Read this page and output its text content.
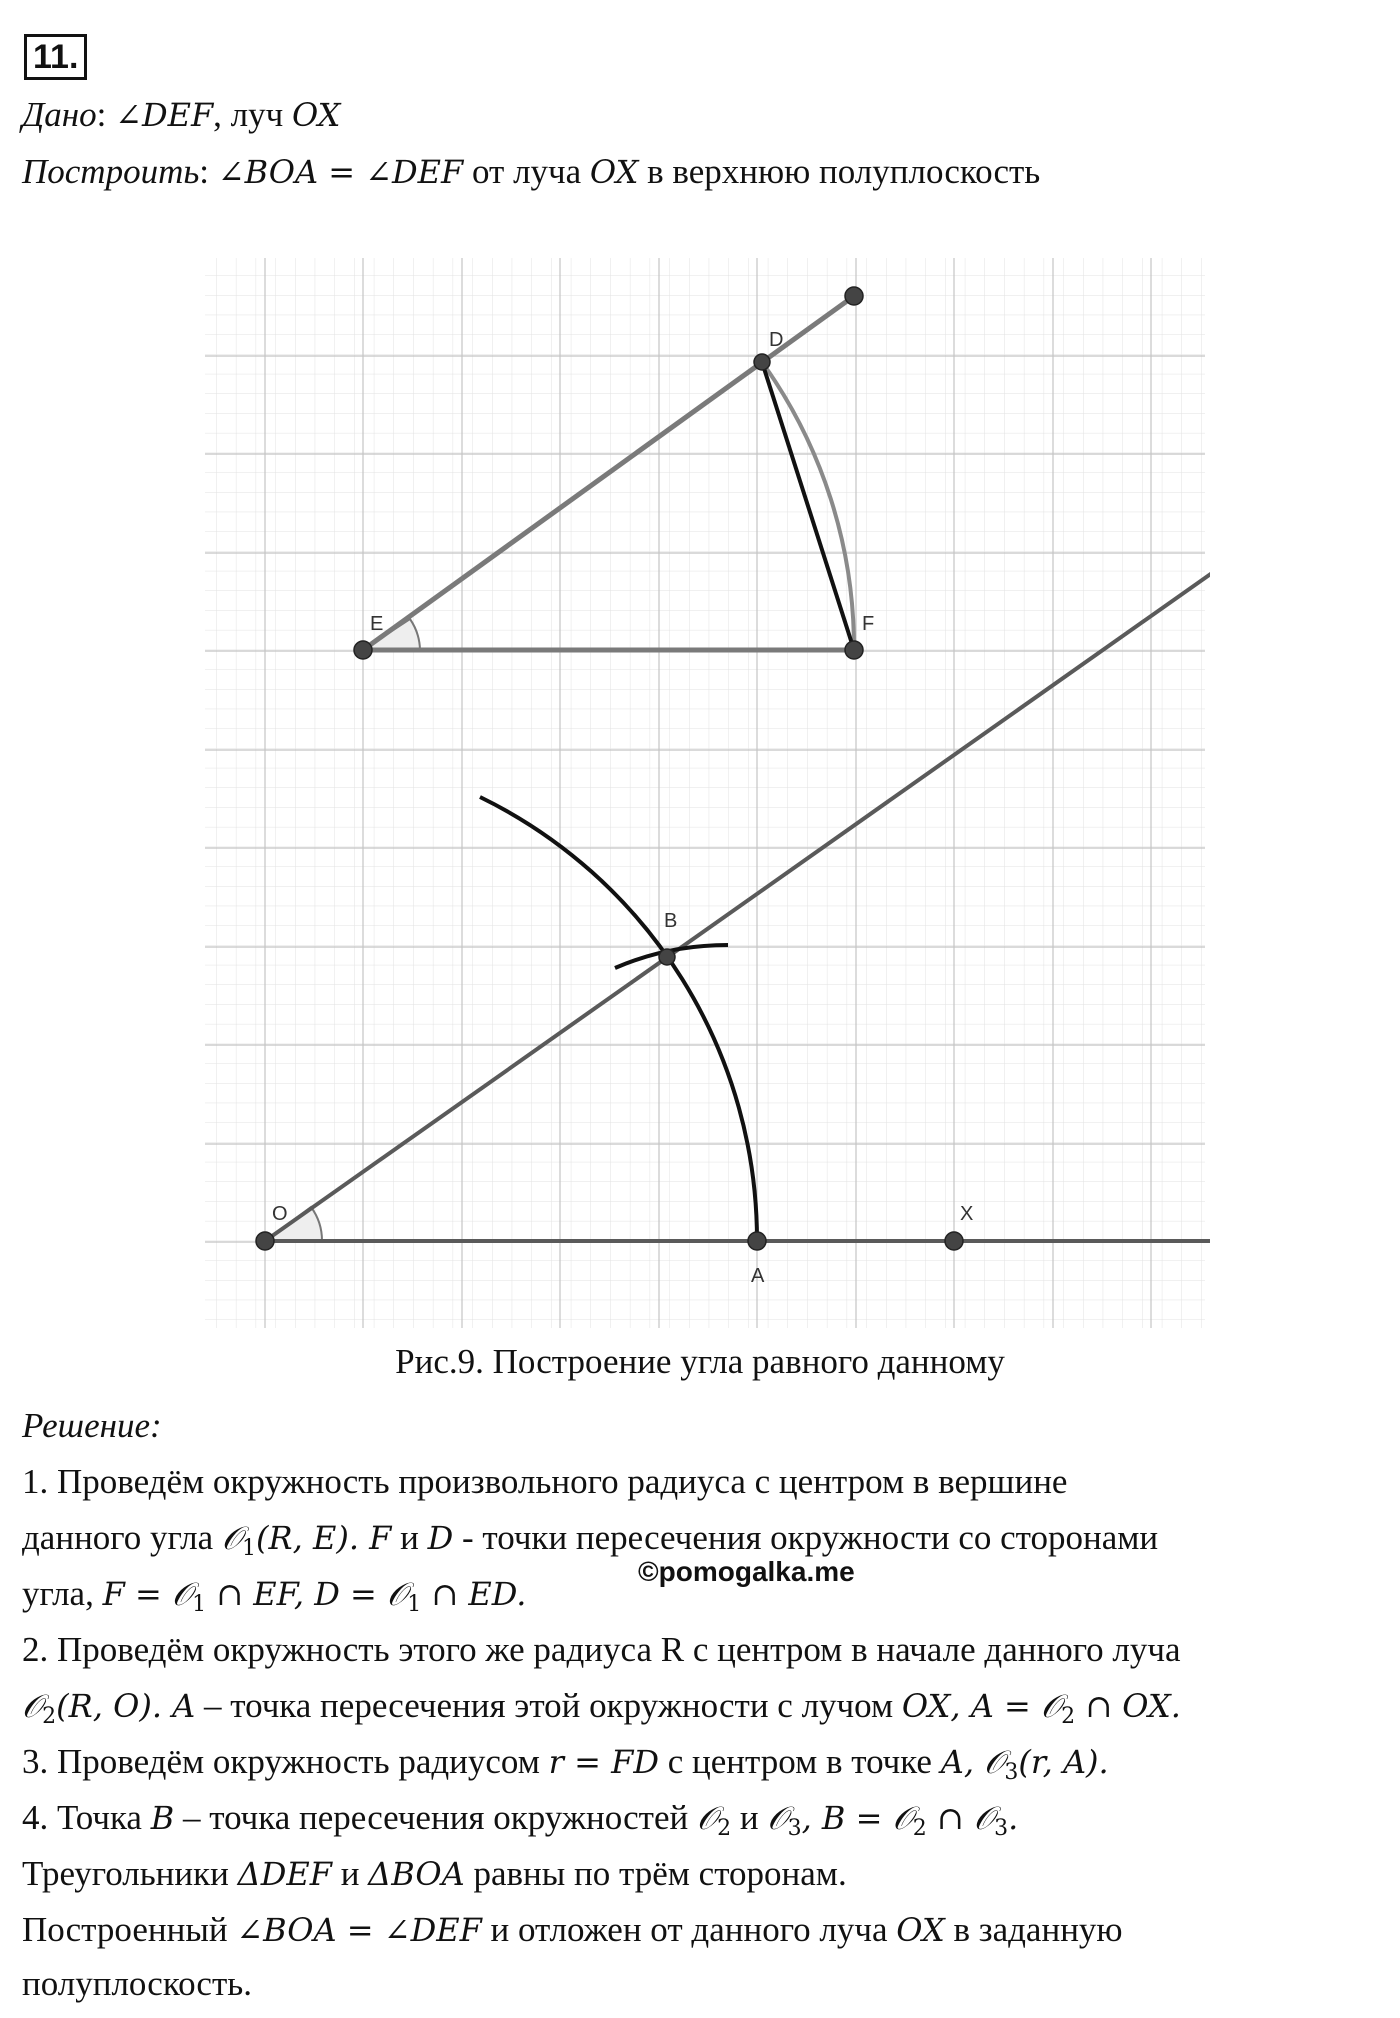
11.
Дано: ∠DEF, луч OX
Построить: ∠BOA = ∠DEF от луча OX в верхнюю полуплоскость
D
E	F
B
O
A
X
Рис.9. Построение угла равного данному
Решение:
1. Проведём окружность произвольного радиуса с центром в вершине
данного угла 𝒪$_1$(R, E). F и D - точки пересечения окружности со сторонами
угла, F = 𝒪$_1$ ∩ EF, D = 𝒪$_1$ ∩ ED.
©pomogalka.me
2. Проведём окружность этого же радиуса R с центром в начале данного луча
𝒪$_2$(R, O). A – точка пересечения этой окружности с лучом OX, A = 𝒪$_2$ ∩ OX.
3. Проведём окружность радиусом r = FD с центром в точке A, 𝒪$_3$(r, A).
4. Точка B – точка пересечения окружностей 𝒪$_2$ и 𝒪$_3$, B = 𝒪$_2$ ∩ 𝒪$_3$.
Треугольники ΔDEF и ΔBOA равны по трём сторонам.
Построенный ∠BOA = ∠DEF и отложен от данного луча OX в заданную
полуплоскость.
